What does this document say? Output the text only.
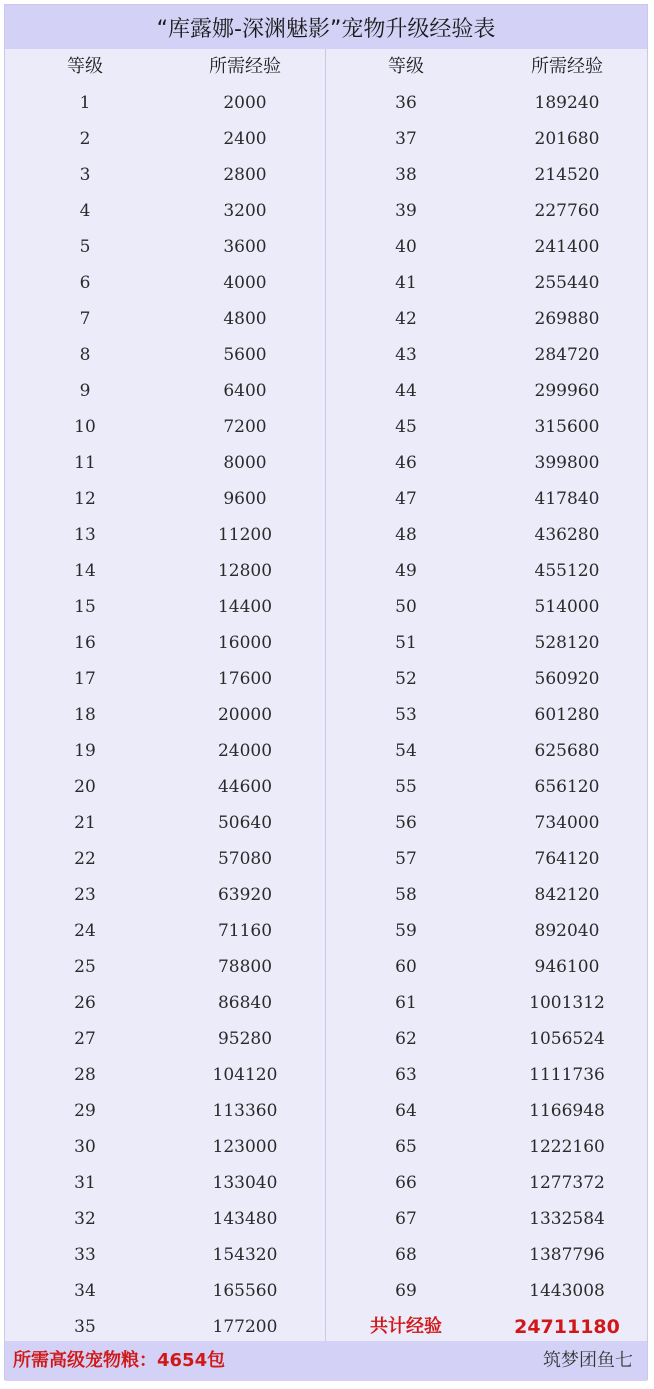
“库露娜-深渊魅影”宠物升级经验表
等级	所需经验	等级	所需经验
1	2000	36	189240
2	2400	37	201680
3	2800	38	214520
4	3200	39	227760
5	3600	40	241400
6	4000	41	255440
7	4800	42	269880
8	5600	43	284720
9	6400	44	299960
10	7200	45	315600
11	8000	46	399800
12	9600	47	417840
13	11200	48	436280
14	12800	49	455120
15	14400	50	514000
16	16000	51	528120
17	17600	52	560920
18	20000	53	601280
19	24000	54	625680
20	44600	55	656120
21	50640	56	734000
22	57080	57	764120
23	63920	58	842120
24	71160	59	892040
25	78800	60	946100
26	86840	61	1001312
27	95280	62	1056524
28	104120	63	1111736
29	113360	64	1166948
30	123000	65	1222160
31	133040	66	1277372
32	143480	67	1332584
33	154320	68	1387796
34	165560	69	1443008
35	177200	共计经验	24711180
所需高级宠物粮：4654包	筑梦团鱼七
